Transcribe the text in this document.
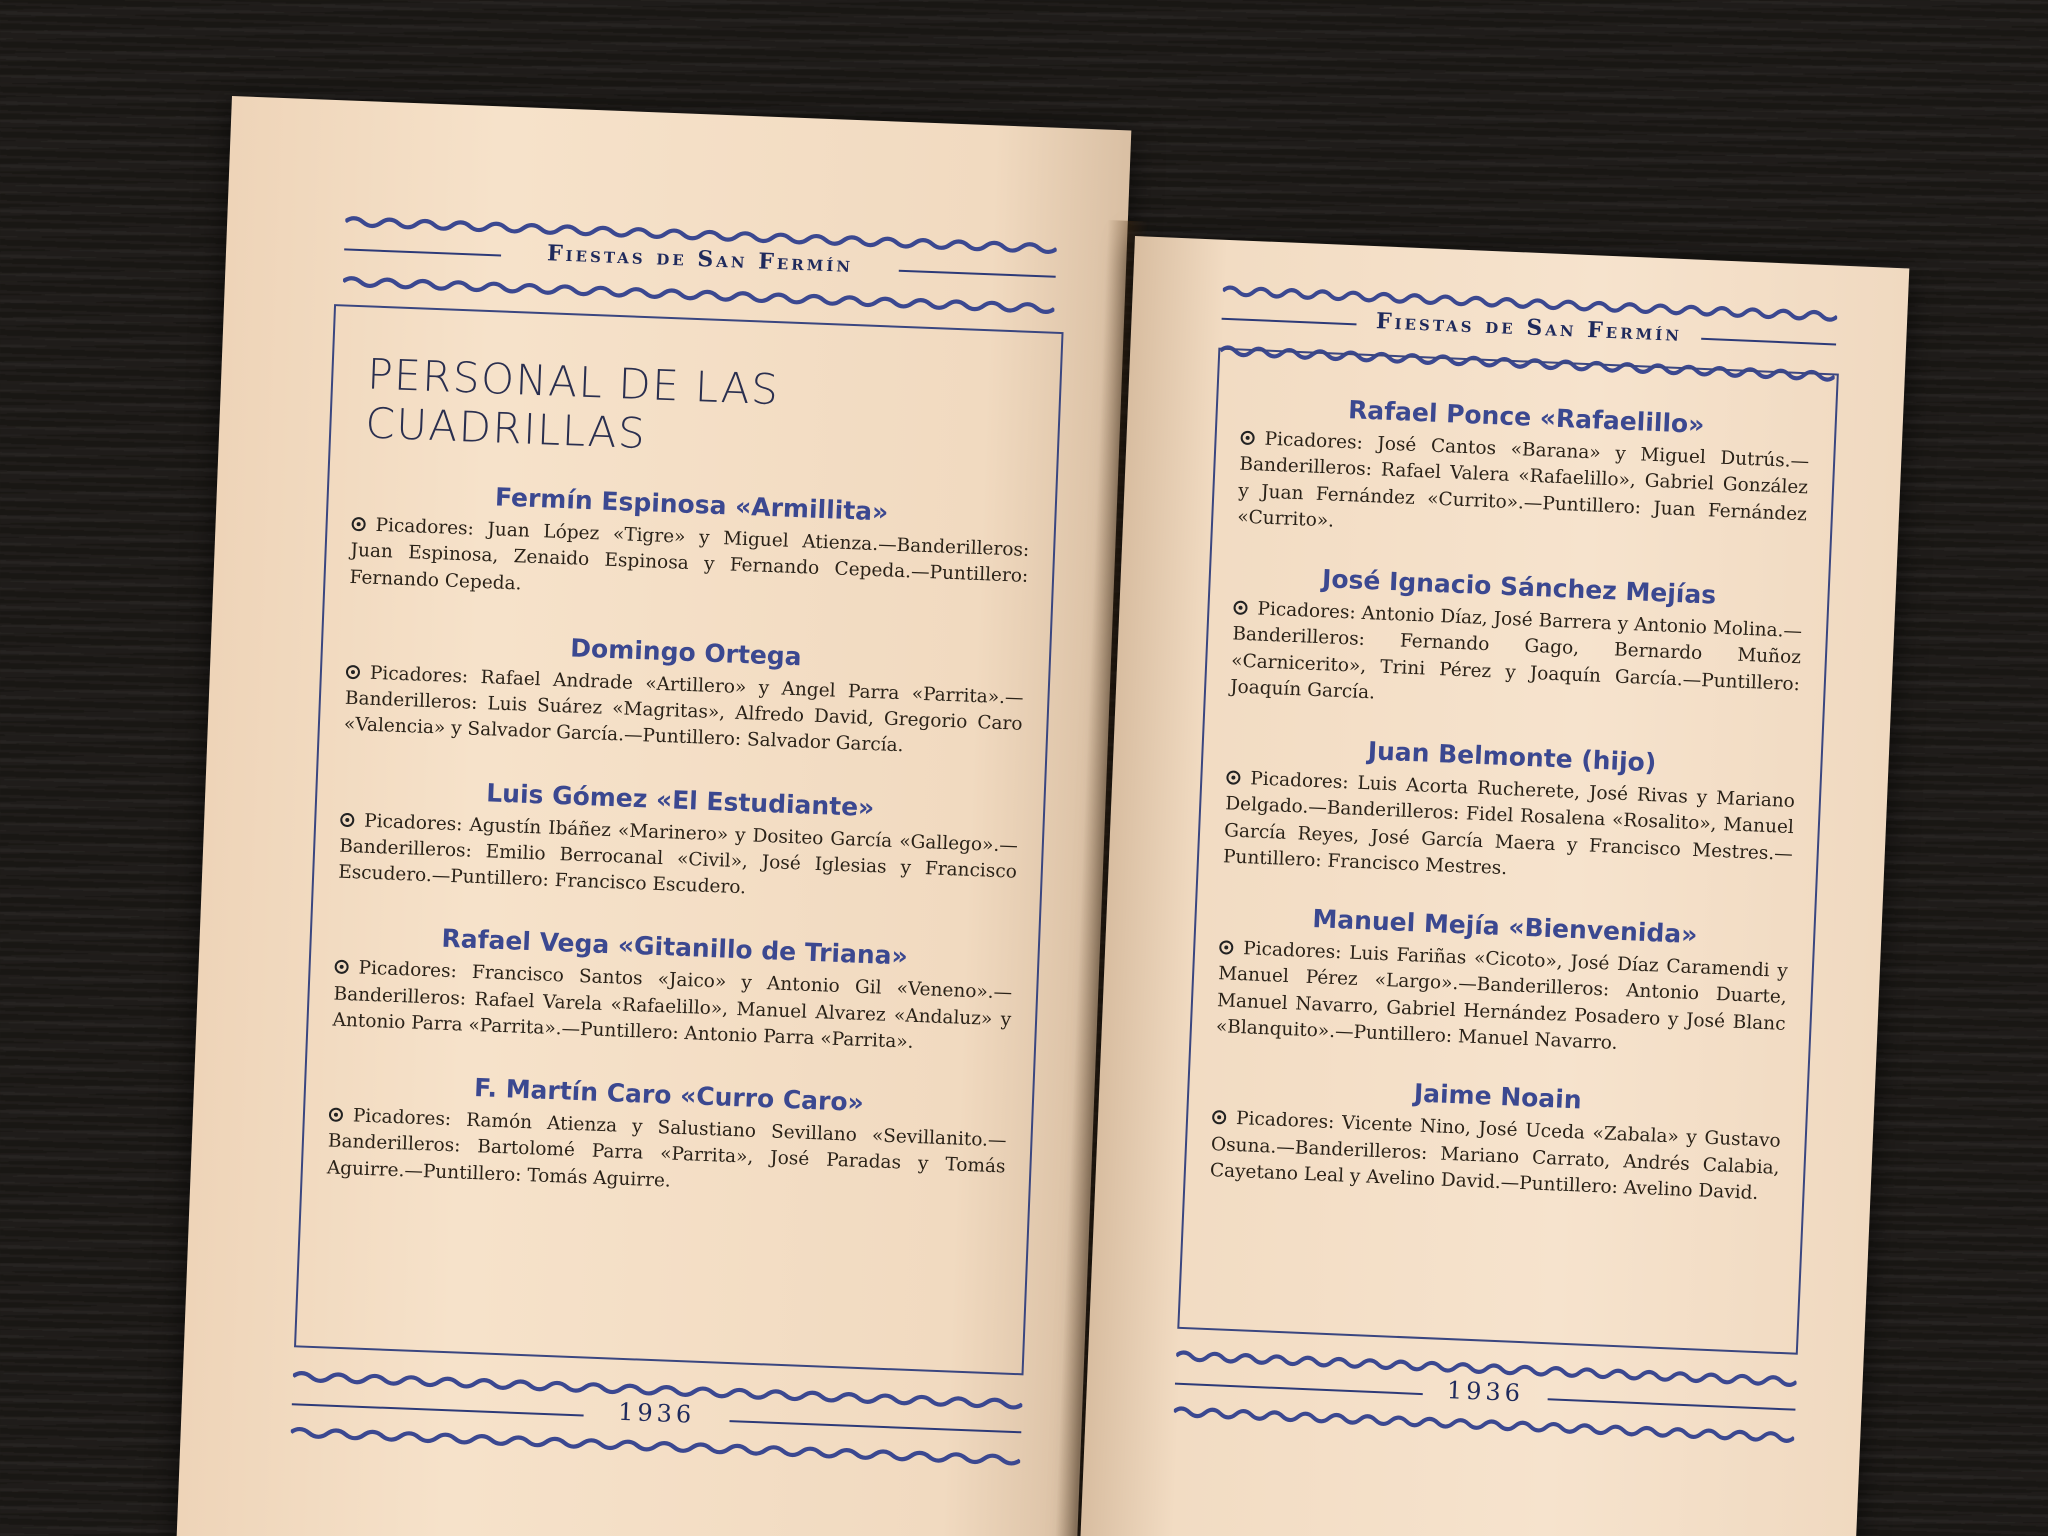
Fiestas de San Fermín
PERSONAL DE LAS CUADRILLAS
Fermín Espinosa «Armillita»
Picadores: Juan López «Tigre» y Miguel Atienza.—Banderilleros: Juan Espinosa, Zenaido Espinosa y Fernando Cepeda.—Puntillero: Fernando Cepeda.
Domingo Ortega
Picadores: Rafael Andrade «Artillero» y Angel Parra «Parrita».—Banderilleros: Luis Suárez «Magritas», Alfredo David, Gregorio Caro «Valencia» y Salvador García.—Puntillero: Salvador García.
Luis Gómez «El Estudiante»
Picadores: Agustín Ibáñez «Marinero» y Dositeo García «Gallego».—Banderilleros: Emilio Berrocanal «Civil», José Iglesias y Francisco Escudero.—Puntillero: Francisco Escudero.
Rafael Vega «Gitanillo de Triana»
Picadores: Francisco Santos «Jaico» y Antonio Gil «Veneno».—Banderilleros: Rafael Varela «Rafaelillo», Manuel Alvarez «Andaluz» y Antonio Parra «Parrita».—Puntillero: Antonio Parra «Parrita».
F. Martín Caro «Curro Caro»
Picadores: Ramón Atienza y Salustiano Sevillano «Sevillanito.—Banderilleros: Bartolomé Parra «Parrita», José Paradas y Tomás Aguirre.—Puntillero: Tomás Aguirre.
1936
Fiestas de San Fermín
Rafael Ponce «Rafaelillo»
Picadores: José Cantos «Barana» y Miguel Dutrús.—Banderilleros: Rafael Valera «Rafaelillo», Gabriel González y Juan Fernández «Currito».—Puntillero: Juan Fernández «Currito».
José Ignacio Sánchez Mejías
Picadores: Antonio Díaz, José Barrera y Antonio Molina.—Banderilleros: Fernando Gago, Bernardo Muñoz «Carnicerito», Trini Pérez y Joaquín García.—Puntillero: Joaquín García.
Juan Belmonte (hijo)
Picadores: Luis Acorta Rucherete, José Rivas y Mariano Delgado.—Banderilleros: Fidel Rosalena «Rosalito», Manuel García Reyes, José García Maera y Francisco Mestres.—Puntillero: Francisco Mestres.
Manuel Mejía «Bienvenida»
Picadores: Luis Fariñas «Cicoto», José Díaz Caramendi y Manuel Pérez «Largo».—Banderilleros: Antonio Duarte, Manuel Navarro, Gabriel Hernández Posadero y José Blanc «Blanquito».—Puntillero: Manuel Navarro.
Jaime Noain
Picadores: Vicente Nino, José Uceda «Zabala» y Gustavo Osuna.—Banderilleros: Mariano Carrato, Andrés Calabia, Cayetano Leal y Avelino David.—Puntillero: Avelino David.
1936
